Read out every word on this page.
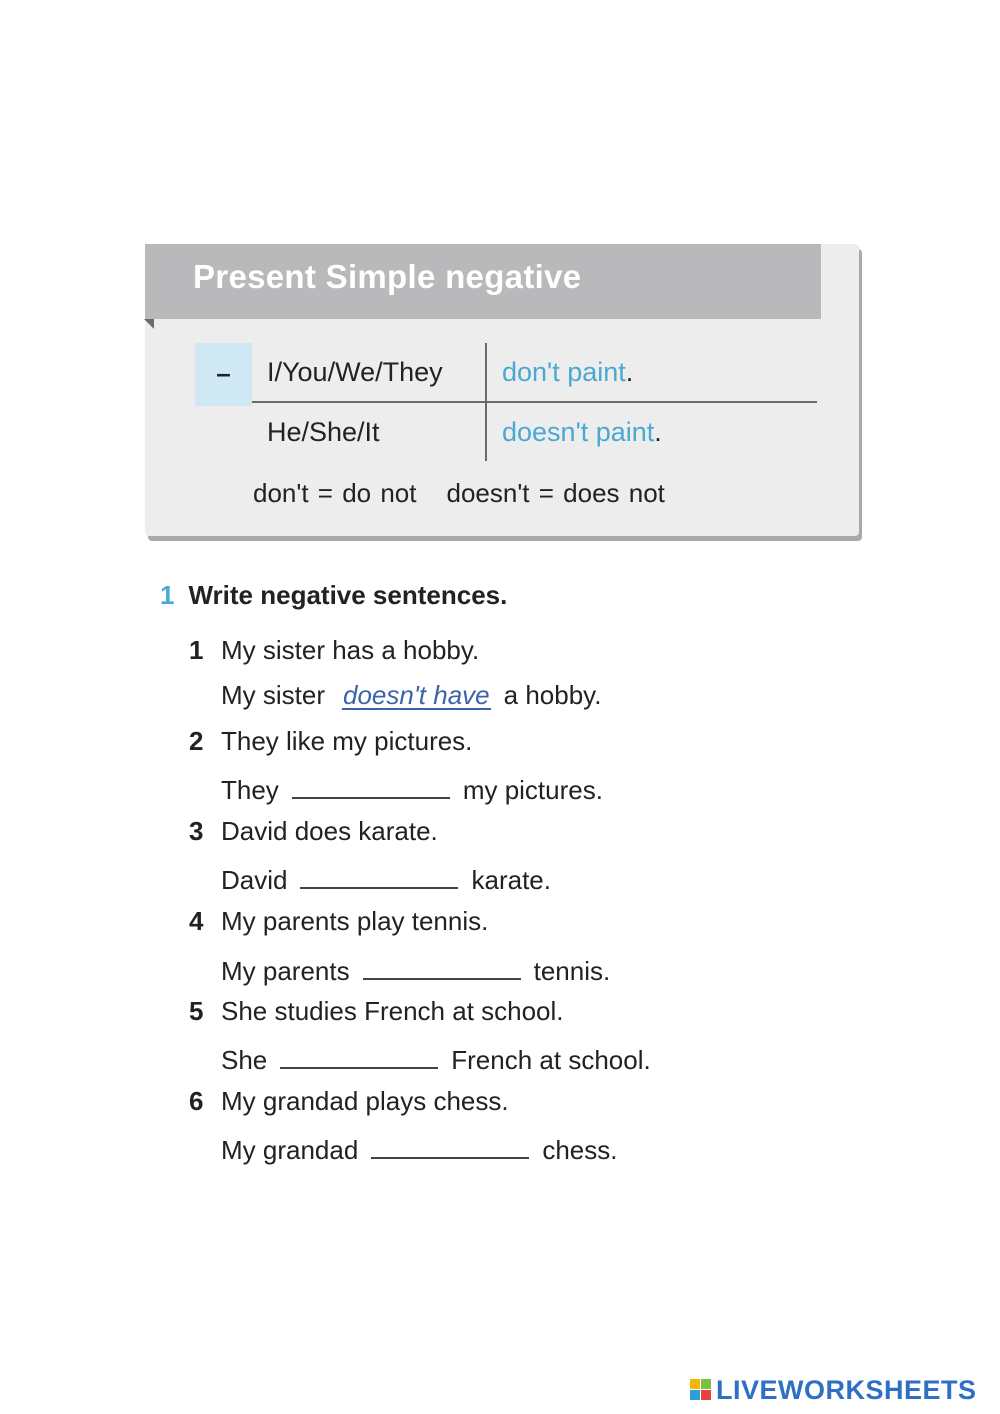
Present Simple negative
–	I/You/We/They	don't paint.
He/She/It	doesn't paint.
don't = do not doesn't = does not
1 Write negative sentences.
1 My sister has a hobby.
My sister doesn't have a hobby.
2 They like my pictures.
They	my pictures.
3 David does karate.
David	karate.
4 My parents play tennis.
My parents	tennis.
5 She studies French at school.
She	French at school.
6 My grandad plays chess.
My grandad	chess.
LIVEWORKSHEETS
